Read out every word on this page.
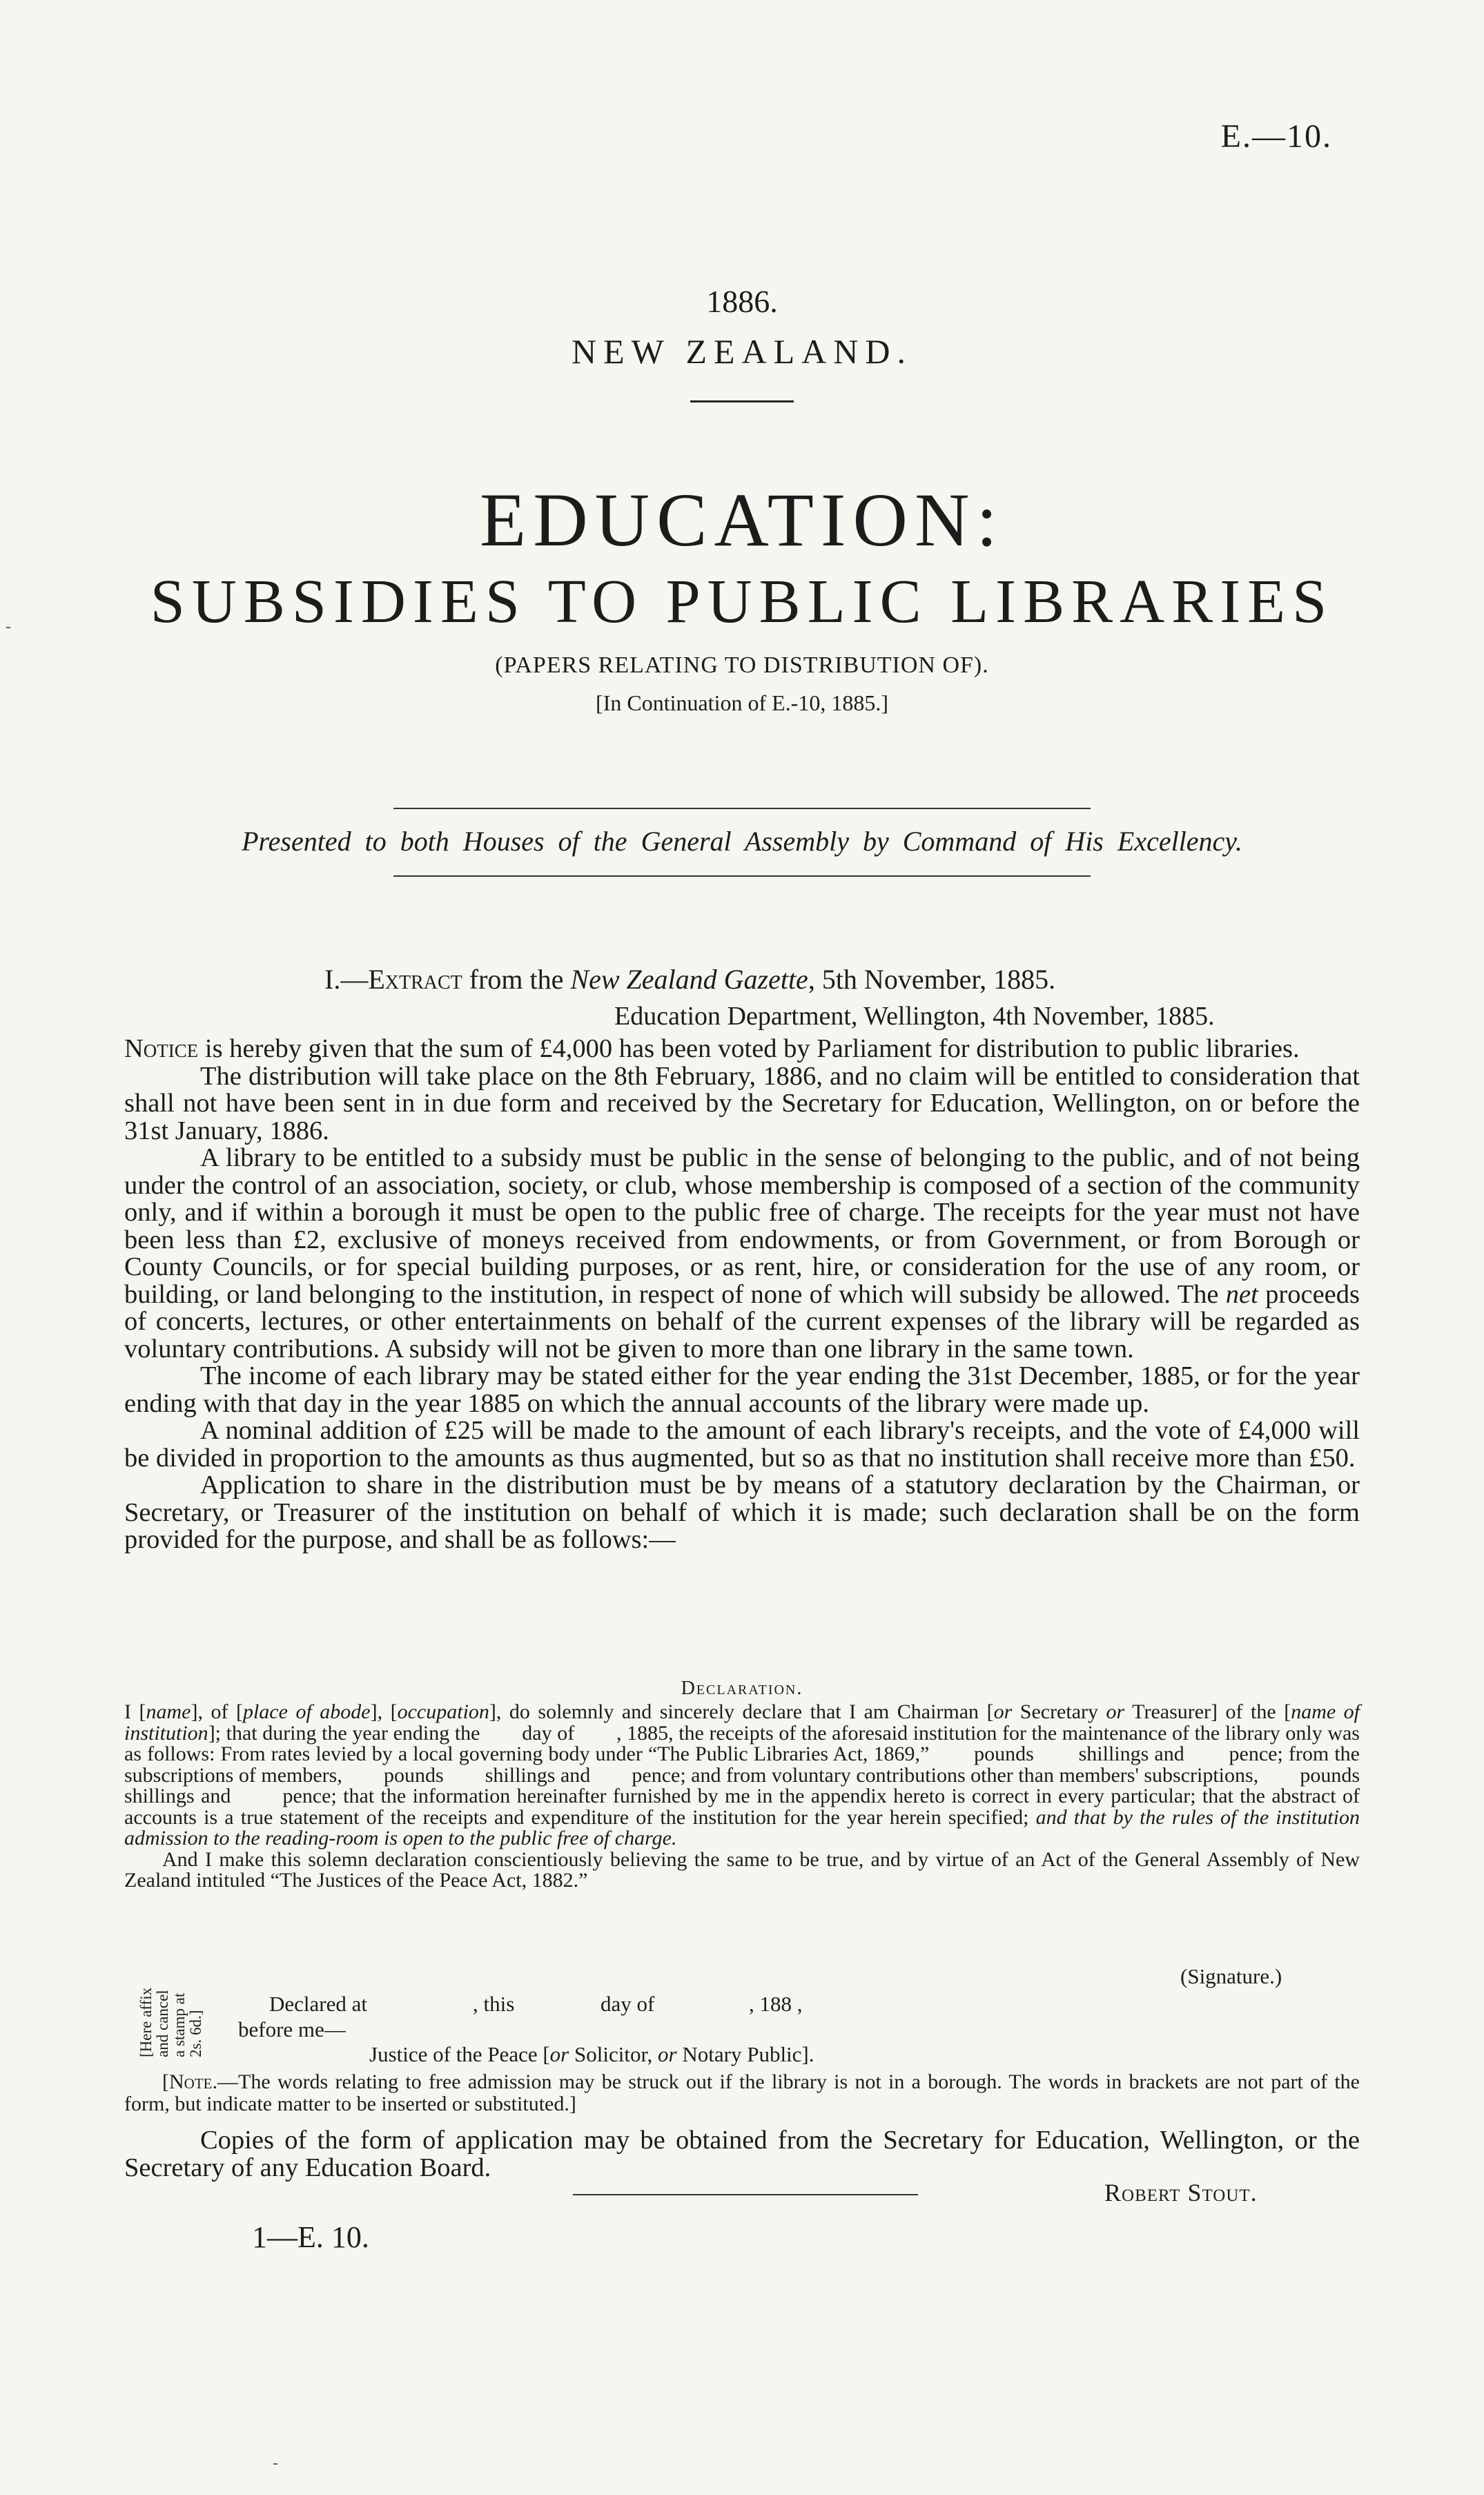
E.—10.
1886.
NEW ZEALAND.
EDUCATION:
SUBSIDIES TO PUBLIC LIBRARIES
(PAPERS RELATING TO DISTRIBUTION OF).
[In Continuation of E.-10, 1885.]
Presented to both Houses of the General Assembly by Command of His Excellency.
I.—Extract from the New Zealand Gazette, 5th November, 1885.
Education Department, Wellington, 4th November, 1885.

Notice is hereby given that the sum of £4,000 has been voted by Parliament for distribution to public libraries.

The distribution will take place on the 8th February, 1886, and no claim will be entitled to consideration that shall not have been sent in in due form and received by the Secretary for Education, Wellington, on or before the 31st January, 1886.

A library to be entitled to a subsidy must be public in the sense of belonging to the public, and of not being under the control of an association, society, or club, whose membership is composed of a section of the community only, and if within a borough it must be open to the public free of charge. The receipts for the year must not have been less than £2, exclusive of moneys received from endowments, or from Government, or from Borough or County Councils, or for special building purposes, or as rent, hire, or consideration for the use of any room, or building, or land belonging to the institution, in respect of none of which will subsidy be allowed. The net proceeds of concerts, lectures, or other entertainments on behalf of the current expenses of the library will be regarded as voluntary contributions. A subsidy will not be given to more than one library in the same town.

The income of each library may be stated either for the year ending the 31st December, 1885, or for the year ending with that day in the year 1885 on which the annual accounts of the library were made up.

A nominal addition of £25 will be made to the amount of each library's receipts, and the vote of £4,000 will be divided in proportion to the amounts as thus augmented, but so as that no institution shall receive more than £50.

Application to share in the distribution must be by means of a statutory declaration by the Chairman, or Secretary, or Treasurer of the institution on behalf of which it is made; such declaration shall be on the form provided for the purpose, and shall be as follows:—

Declaration.

I [name], of [place of abode], [occupation], do solemnly and sincerely declare that I am Chairman [or Secretary or Treasurer] of the [name of institution]; that during the year ending the        day of        , 1885, the receipts of the aforesaid institution for the maintenance of the library only was as follows: From rates levied by a local governing body under “The Public Libraries Act, 1869,”        pounds        shillings and        pence; from the subscriptions of members,        pounds        shillings and        pence; and from voluntary contributions other than members' subscriptions,        pounds        shillings and        pence; that the information hereinafter furnished by me in the appendix hereto is correct in every particular; that the abstract of accounts is a true statement of the receipts and expenditure of the institution for the year herein specified; and that by the rules of the institution admission to the reading-room is open to the public free of charge.

And I make this solemn declaration conscientiously believing the same to be true, and by virtue of an Act of the General Assembly of New Zealand intituled “The Justices of the Peace Act, 1882.”

[Here affix and cancel a stamp at 2s. 6d.]
(Signature.)
Declared at	, this	day of	, 188 ,
before me—
Justice of the Peace [or Solicitor, or Notary Public].

[Note.—The words relating to free admission may be struck out if the library is not in a borough. The words in brackets are not part of the form, but indicate matter to be inserted or substituted.]

Copies of the form of application may be obtained from the Secretary for Education, Wellington, or the Secretary of any Education Board.

Robert Stout.
1—E. 10.
-
-
